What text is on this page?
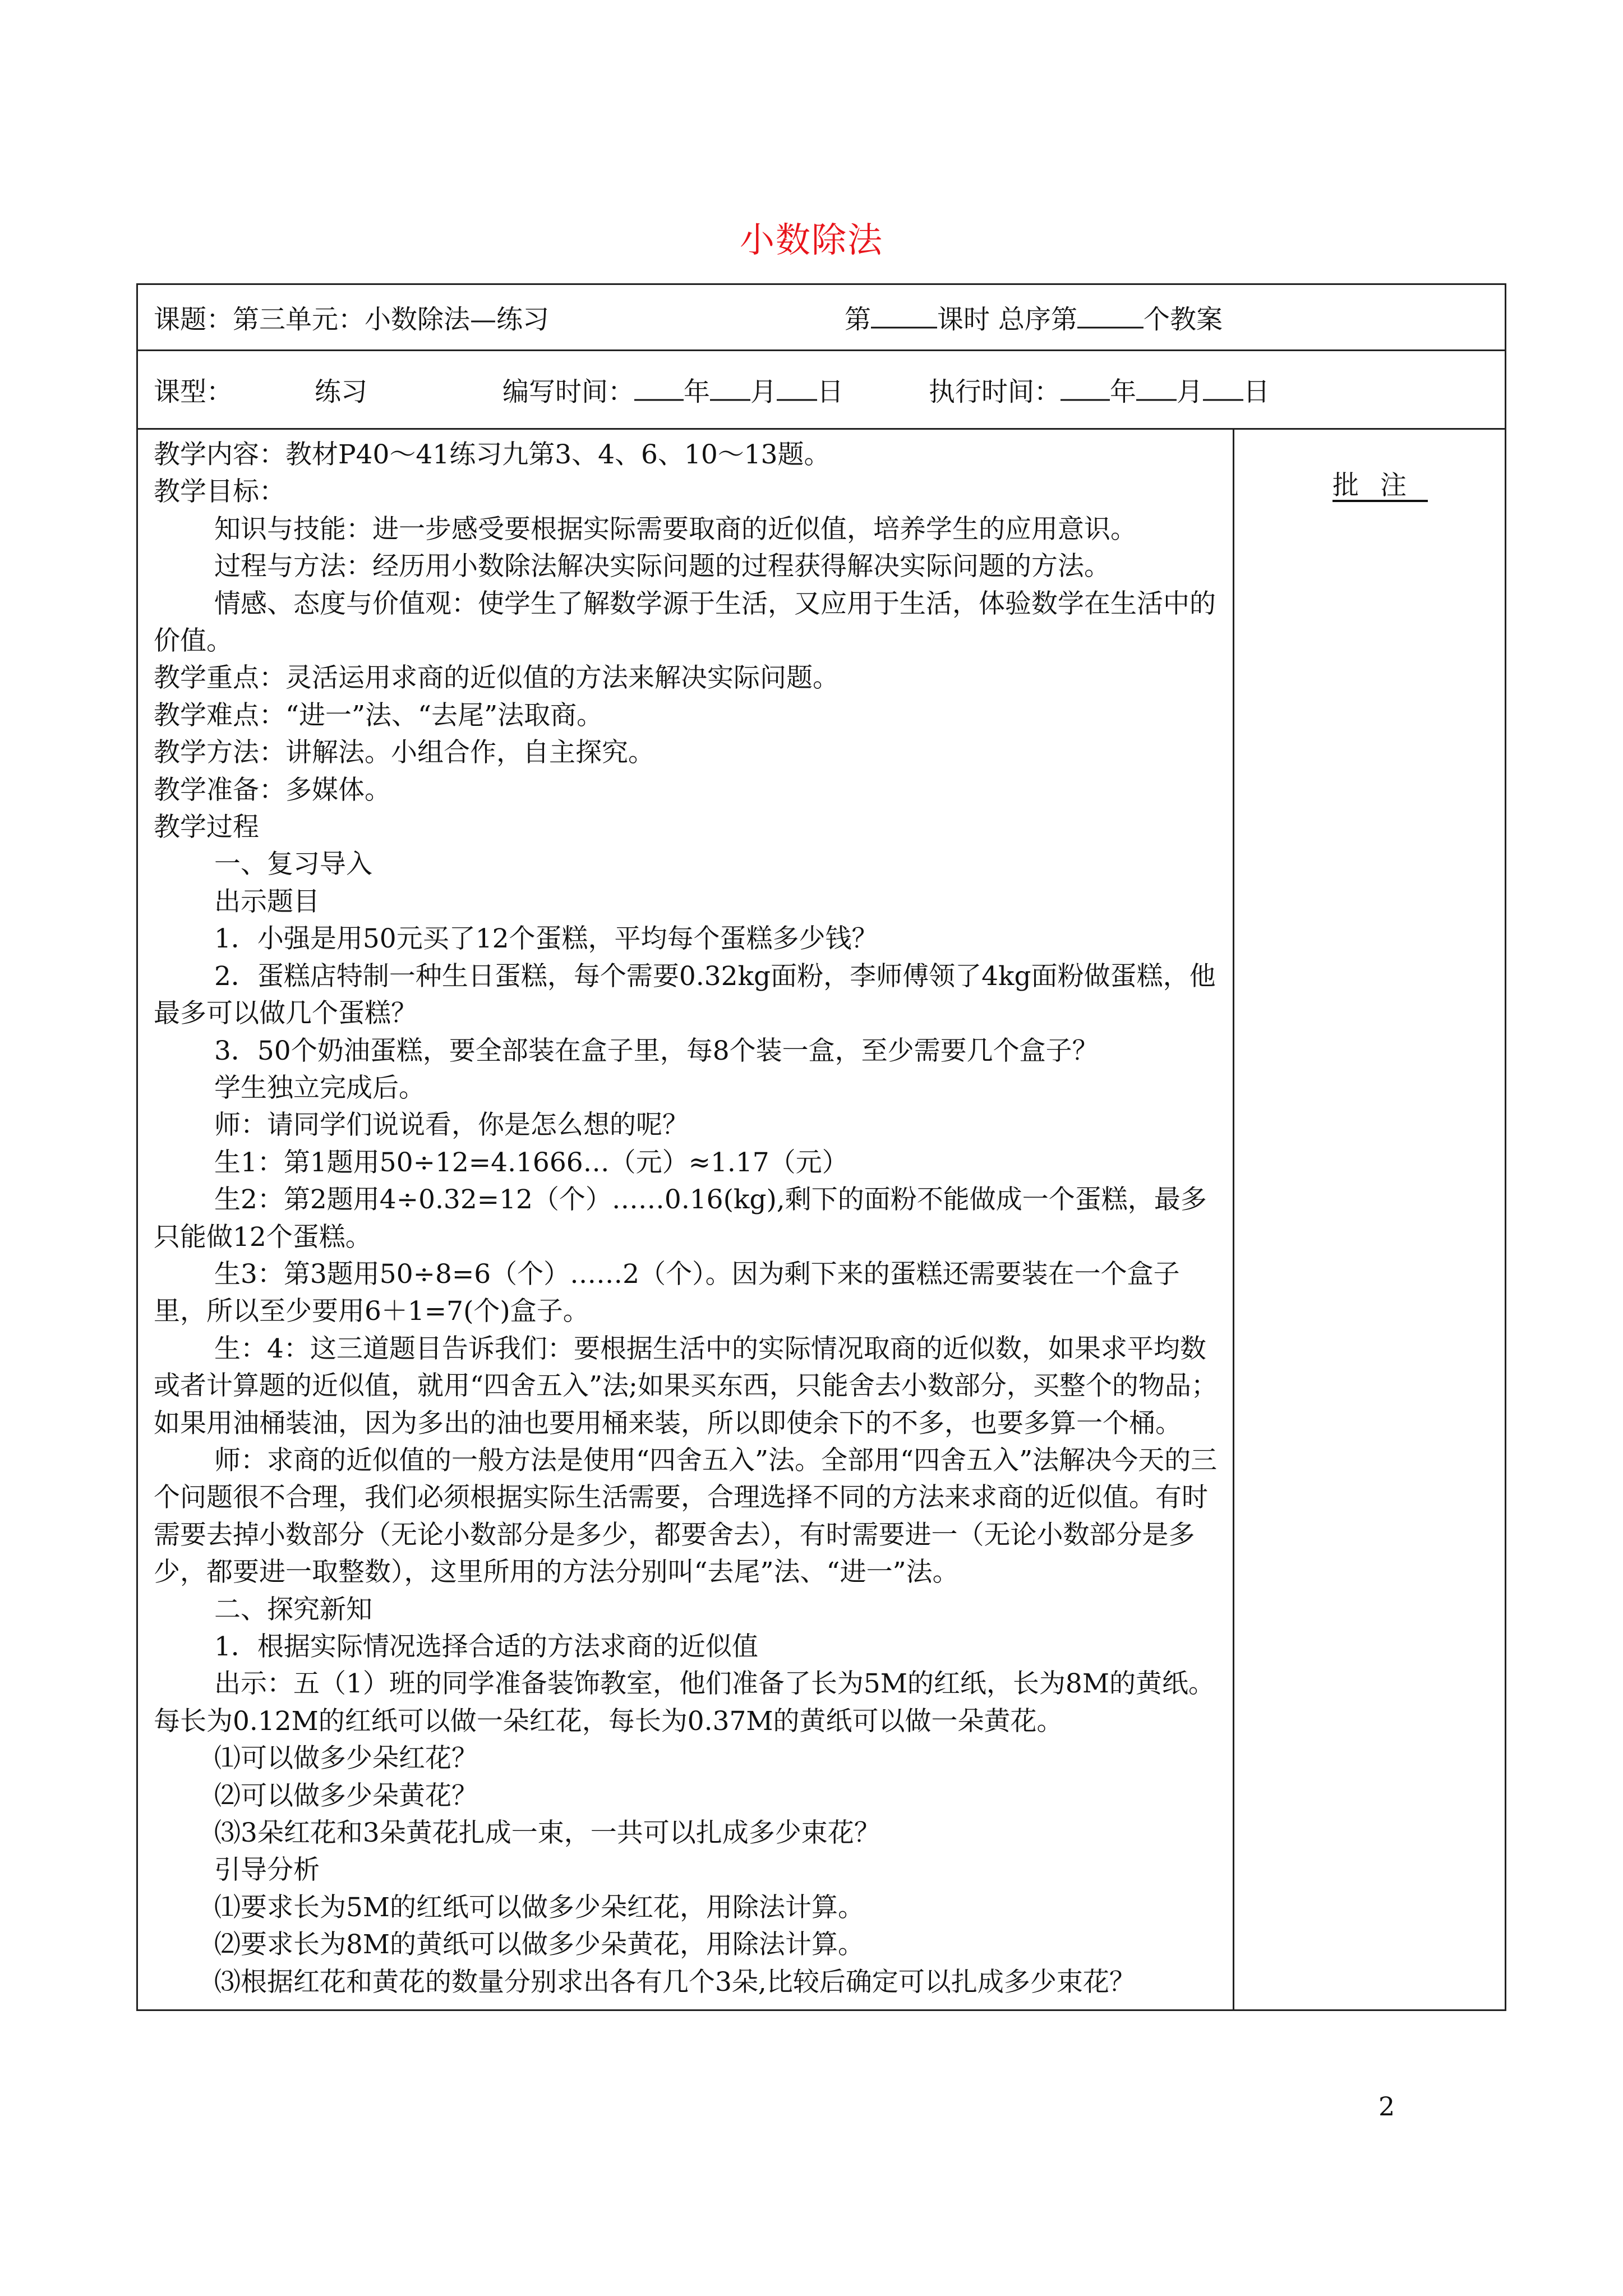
小数除法
课题：第三单元：小数除法—练习	第	课时 总序第	个教案

课型：	练习	编写时间： 年 月 日	执行时间： 年 月 日

教学内容：教材P40～41练习九第3、4、6、10～13题。

教学目标：

知识与技能：进一步感受要根据实际需要取商的近似值，培养学生的应用意识。

过程与方法：经历用小数除法解决实际问题的过程获得解决实际问题的方法。

情感、态度与价值观：使学生了解数学源于生活，又应用于生活，体验数学在生活中的价值。

教学重点：灵活运用求商的近似值的方法来解决实际问题。

教学难点：“进一”法、“去尾”法取商。

教学方法：讲解法。小组合作，自主探究。

教学准备：多媒体。

教学过程

一、复习导入

出示题目

1．小强是用50元买了12个蛋糕，平均每个蛋糕多少钱？

2．蛋糕店特制一种生日蛋糕，每个需要0.32kg面粉，李师傅领了4kg面粉做蛋糕，他最多可以做几个蛋糕？

3．50个奶油蛋糕，要全部装在盒子里，每8个装一盒，至少需要几个盒子？

学生独立完成后。

师：请同学们说说看，你是怎么想的呢？

生1：第1题用50÷12=4.1666…（元）≈1.17（元）

生2：第2题用4÷0.32=12（个）……0.16(kg),剩下的面粉不能做成一个蛋糕，最多只能做12个蛋糕。

生3：第3题用50÷8=6（个）……2（个）。因为剩下来的蛋糕还需要装在一个盒子里，所以至少要用6＋1=7(个)盒子。

生：4：这三道题目告诉我们：要根据生活中的实际情况取商的近似数，如果求平均数或者计算题的近似值，就用“四舍五入”法;如果买东西，只能舍去小数部分，买整个的物品；如果用油桶装油，因为多出的油也要用桶来装，所以即使余下的不多，也要多算一个桶。

师：求商的近似值的一般方法是使用“四舍五入”法。全部用“四舍五入”法解决今天的三个问题很不合理，我们必须根据实际生活需要，合理选择不同的方法来求商的近似值。有时需要去掉小数部分（无论小数部分是多少，都要舍去），有时需要进一（无论小数部分是多少，都要进一取整数），这里所用的方法分别叫“去尾”法、“进一”法。

二、探究新知

1．根据实际情况选择合适的方法求商的近似值

出示：五（1）班的同学准备装饰教室，他们准备了长为5M的红纸，长为8M的黄纸。每长为0.12M的红纸可以做一朵红花，每长为0.37M的黄纸可以做一朵黄花。

⑴可以做多少朵红花？

⑵可以做多少朵黄花？

⑶3朵红花和3朵黄花扎成一束，一共可以扎成多少束花？

引导分析

⑴要求长为5M的红纸可以做多少朵红花，用除法计算。

⑵要求长为8M的黄纸可以做多少朵黄花，用除法计算。

⑶根据红花和黄花的数量分别求出各有几个3朵,比较后确定可以扎成多少束花？

	批注
2
